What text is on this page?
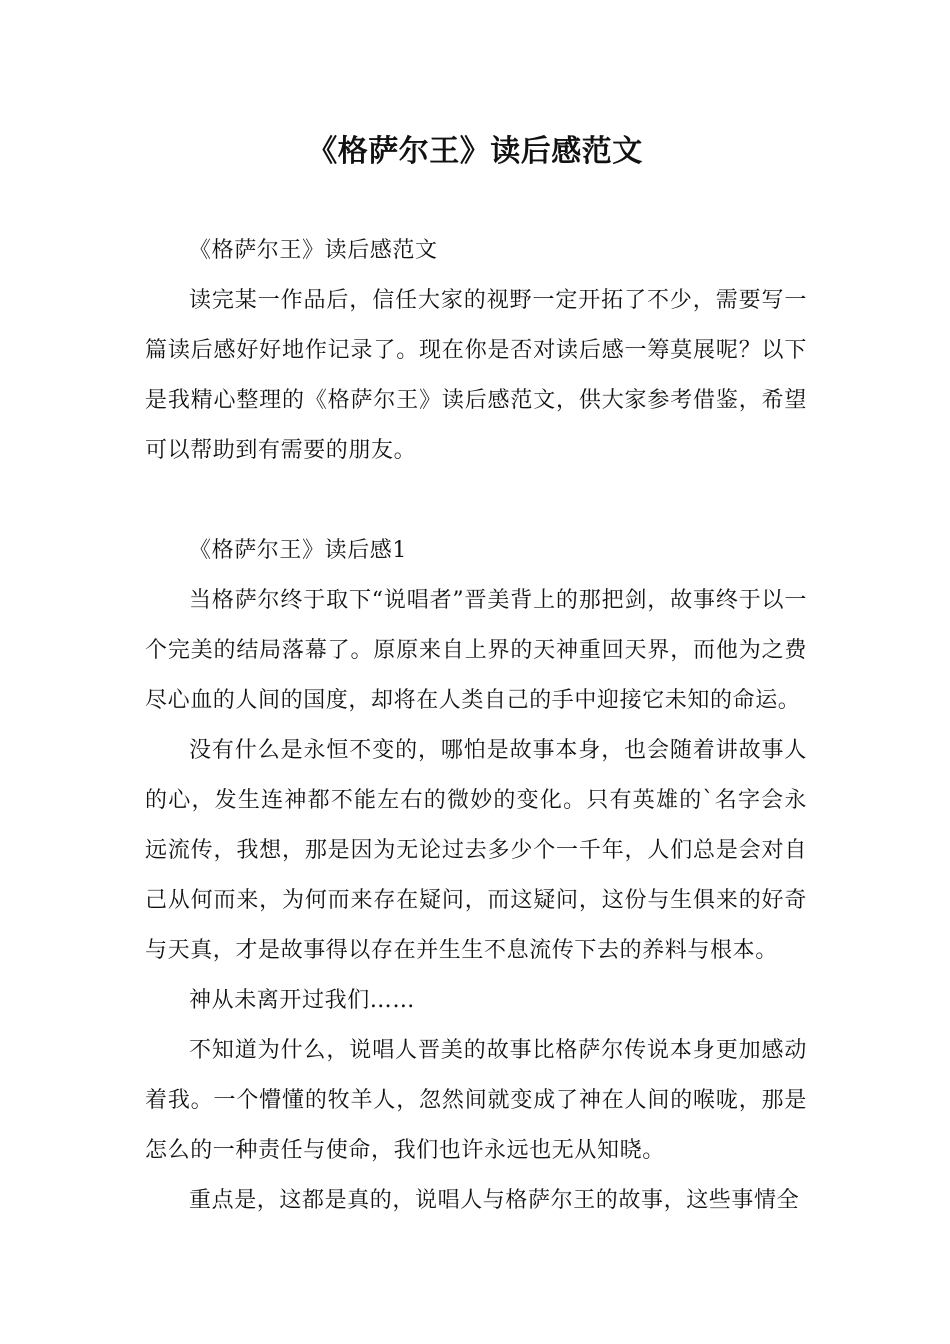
《格萨尔王》读后感范文

《格萨尔王》读后感范文

读完某一作品后，信任大家的视野一定开拓了不少，需要写一篇读后感好好地作记录了。现在你是否对读后感一筹莫展呢？以下是我精心整理的《格萨尔王》读后感范文，供大家参考借鉴，希望可以帮助到有需要的朋友。

《格萨尔王》读后感1

当格萨尔终于取下“说唱者”晋美背上的那把剑，故事终于以一个完美的结局落幕了。原原来自上界的天神重回天界，而他为之费尽心血的人间的国度，却将在人类自己的手中迎接它未知的命运。

没有什么是永恒不变的，哪怕是故事本身，也会随着讲故事人的心，发生连神都不能左右的微妙的变化。只有英雄的`名字会永远流传，我想，那是因为无论过去多少个一千年，人们总是会对自己从何而来，为何而来存在疑问，而这疑问，这份与生俱来的好奇与天真，才是故事得以存在并生生不息流传下去的养料与根本。

神从未离开过我们……

不知道为什么，说唱人晋美的故事比格萨尔传说本身更加感动着我。一个懵懂的牧羊人，忽然间就变成了神在人间的喉咙，那是怎么的一种责任与使命，我们也许永远也无从知晓。

重点是，这都是真的，说唱人与格萨尔王的故事，这些事情全
